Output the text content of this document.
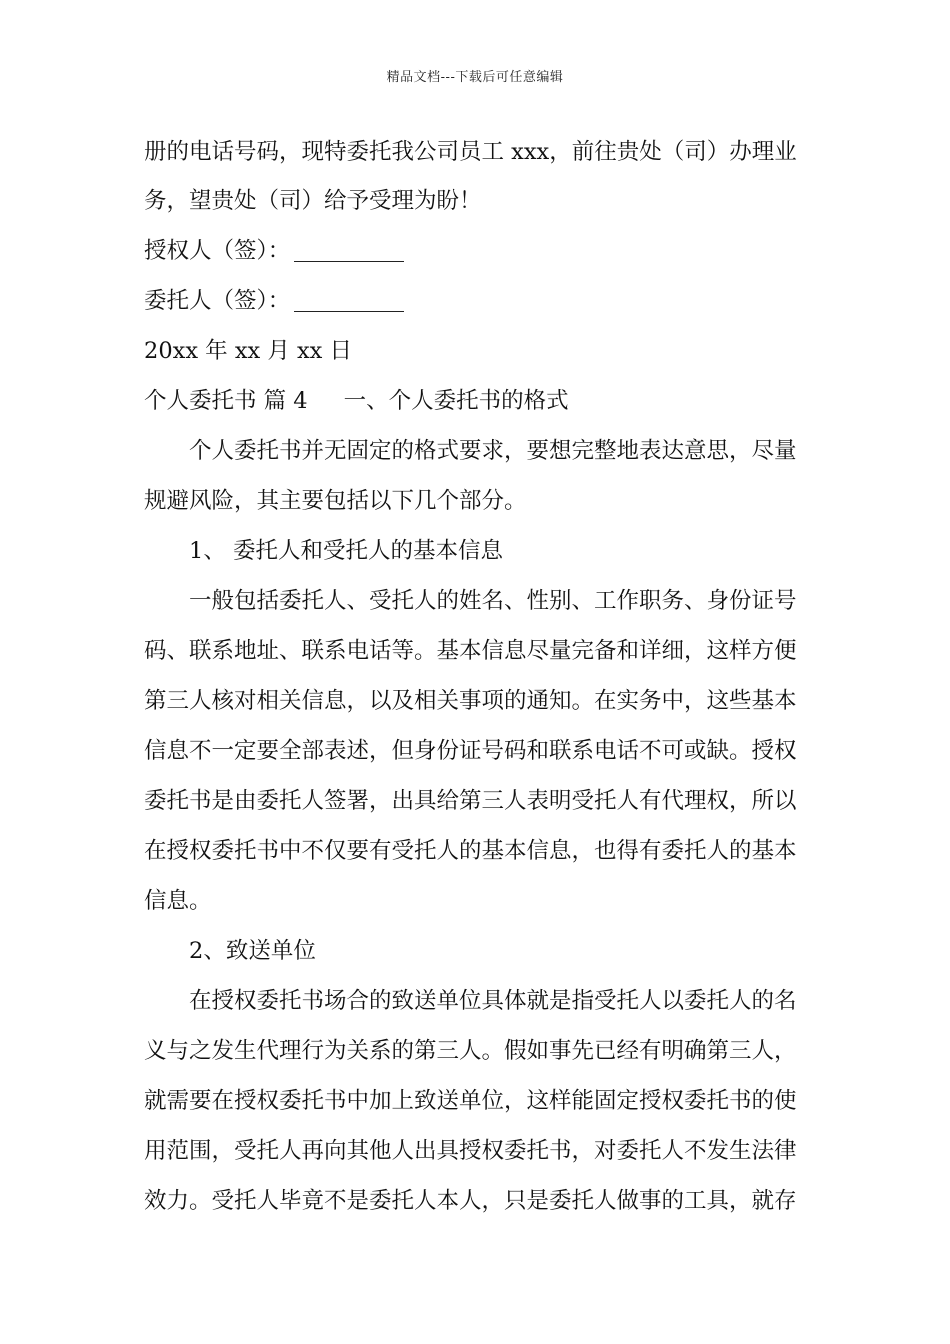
精品文档---下载后可任意编辑
册的电话号码，现特委托我公司员工 xxx，前往贵处（司）办理业
务，望贵处（司）给予受理为盼！
授权人（签）：
委托人（签）：
20xx 年 xx 月 xx 日
个人委托书 篇 4 一、个人委托书的格式
个人委托书并无固定的格式要求，要想完整地表达意思，尽量
规避风险，其主要包括以下几个部分。
1、 委托人和受托人的基本信息
一般包括委托人、受托人的姓名、性别、工作职务、身份证号
码、联系地址、联系电话等。基本信息尽量完备和详细，这样方便
第三人核对相关信息，以及相关事项的通知。在实务中，这些基本
信息不一定要全部表述，但身份证号码和联系电话不可或缺。授权
委托书是由委托人签署，出具给第三人表明受托人有代理权，所以
在授权委托书中不仅要有受托人的基本信息，也得有委托人的基本
信息。
2、致送单位
在授权委托书场合的致送单位具体就是指受托人以委托人的名
义与之发生代理行为关系的第三人。假如事先已经有明确第三人，
就需要在授权委托书中加上致送单位，这样能固定授权委托书的使
用范围，受托人再向其他人出具授权委托书，对委托人不发生法律
效力。受托人毕竟不是委托人本人，只是委托人做事的工具，就存
